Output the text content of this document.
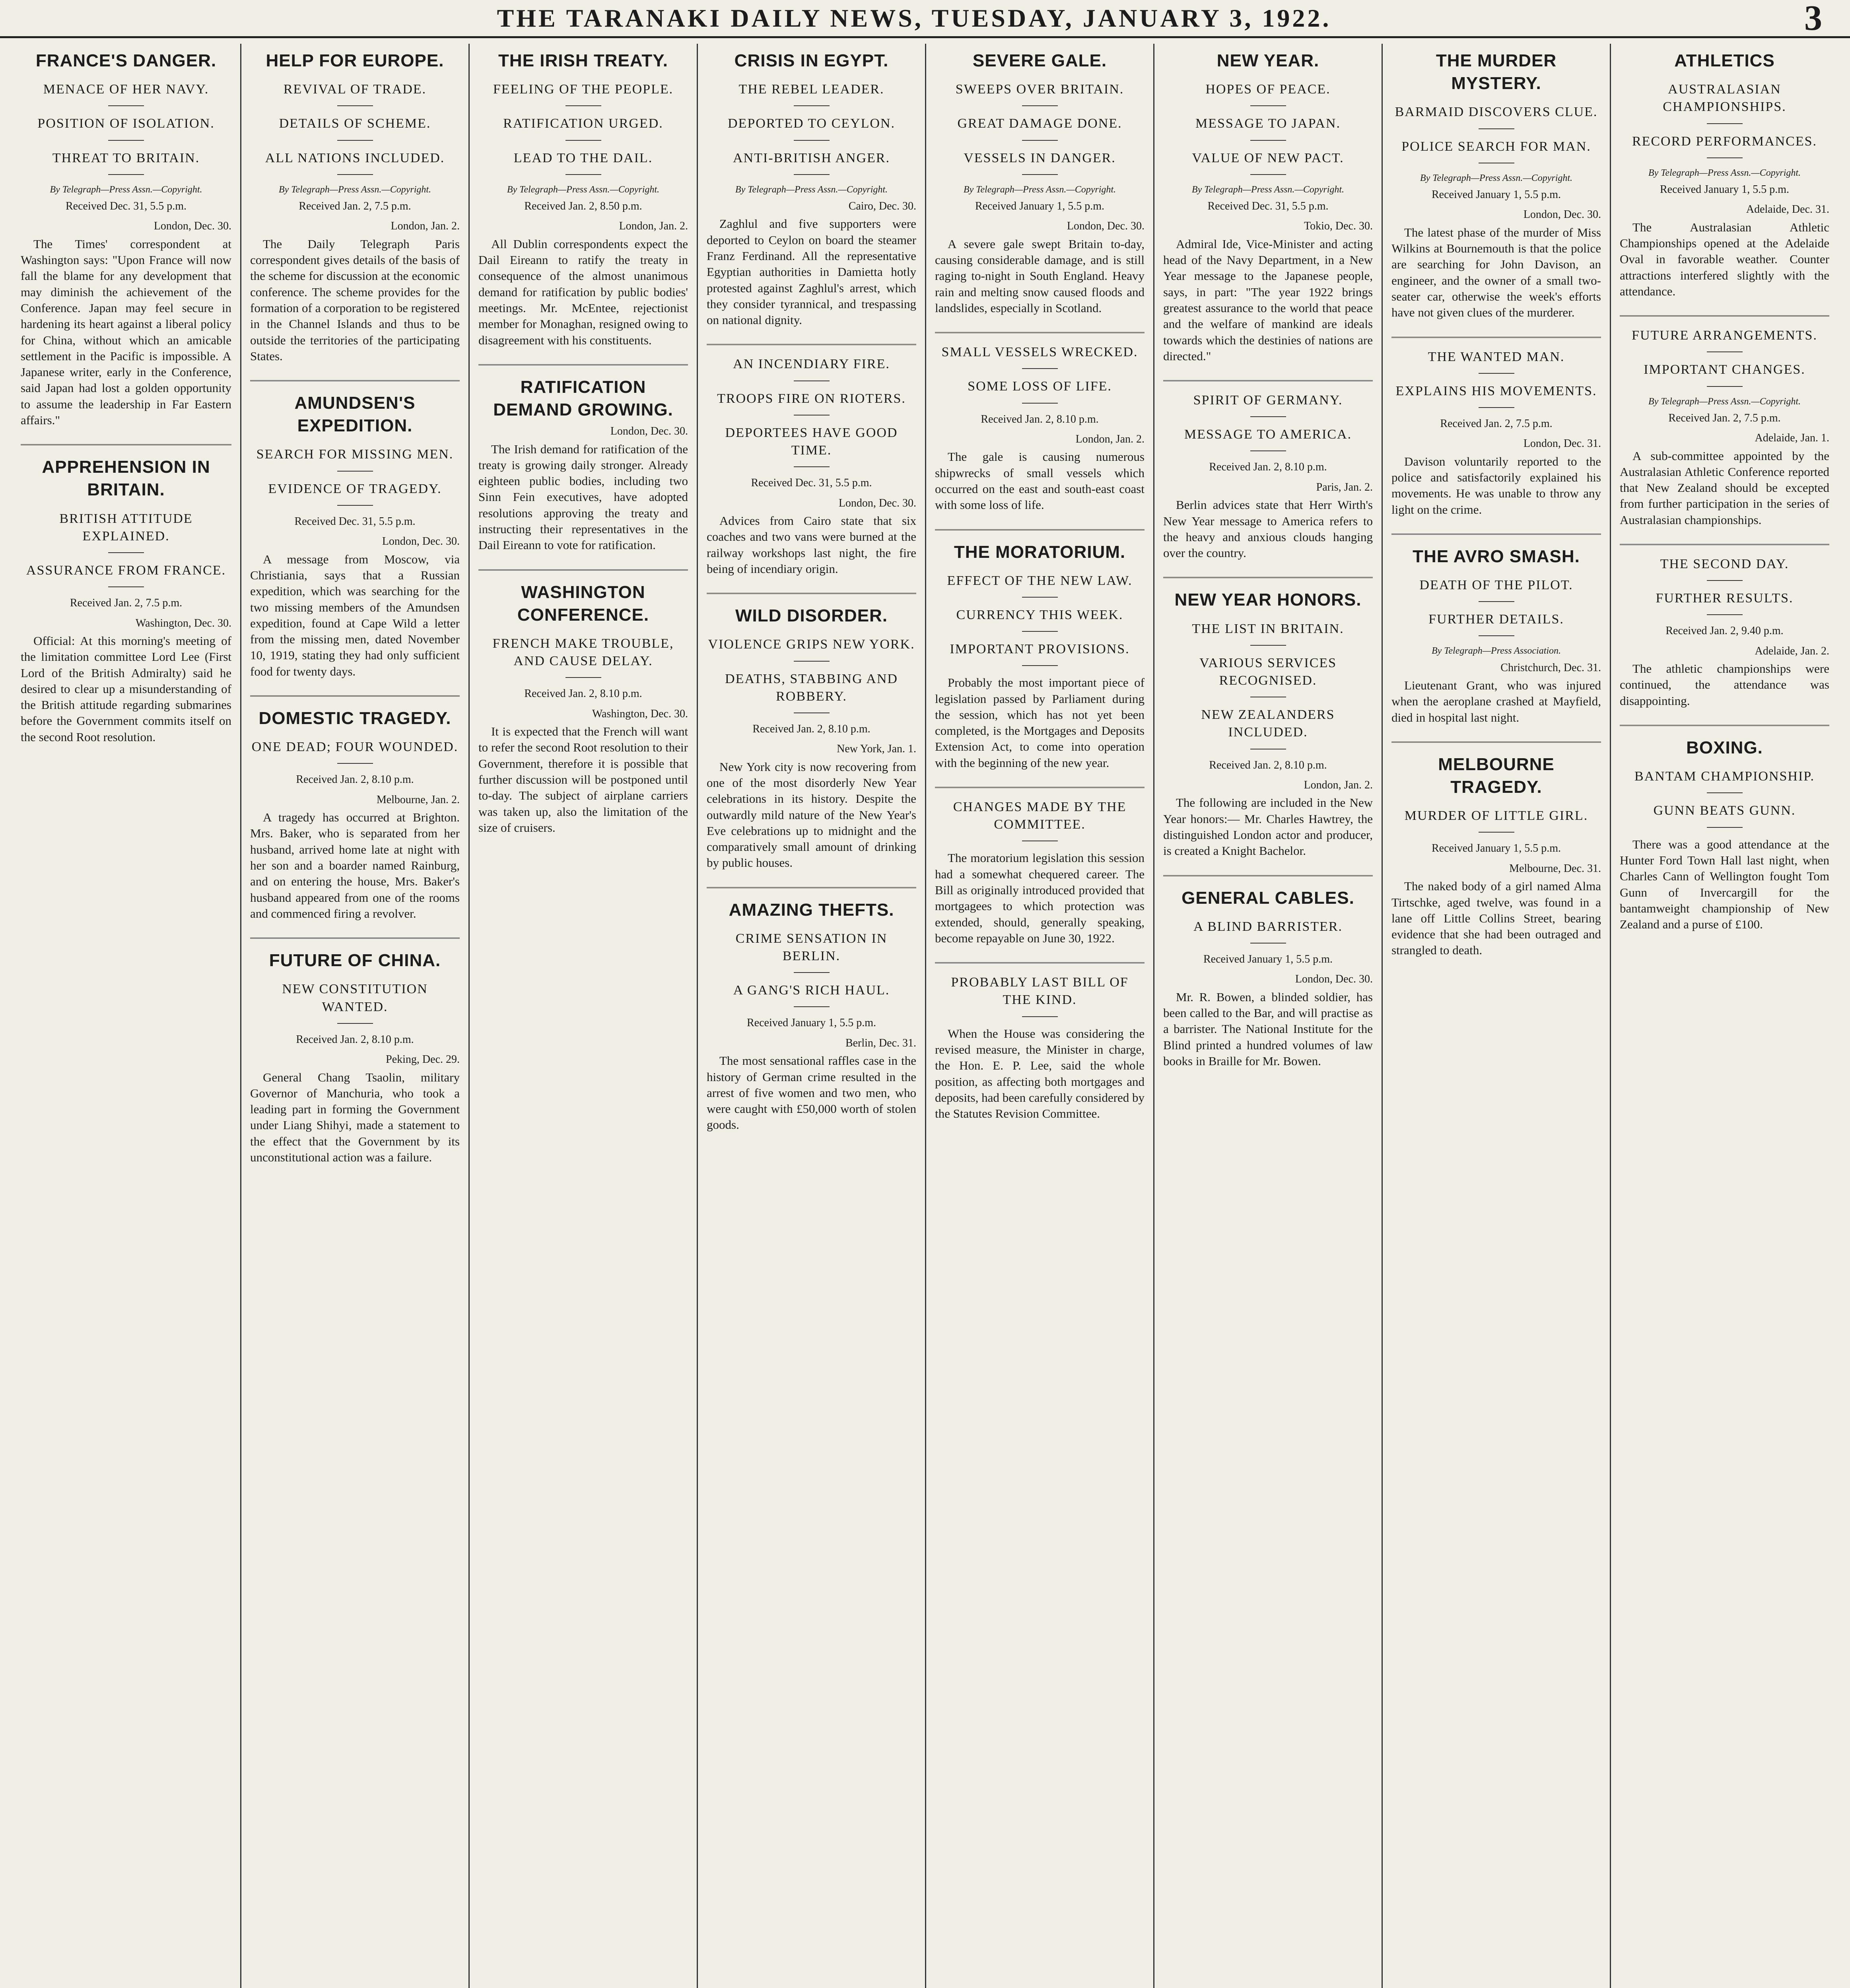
THE TARANAKI DAILY NEWS, TUESDAY, JANUARY 3, 1922.	3
FRANCE'S DANGER.
MENACE OF HER NAVY.
POSITION OF ISOLATION.
THREAT TO BRITAIN.
By Telegraph—Press Assn.—Copyright.
Received Dec. 31, 5.5 p.m.
London, Dec. 30.

The Times' correspondent at Washington says: "Upon France will now fall the blame for any development that may diminish the achievement of the Conference. Japan may feel secure in hardening its heart against a liberal policy for China, without which an amicable settlement in the Pacific is impossible. A Japanese writer, early in the Conference, said Japan had lost a golden opportunity to assume the leadership in Far Eastern affairs."

APPREHENSION IN BRITAIN.
BRITISH ATTITUDE EXPLAINED.
ASSURANCE FROM FRANCE.
Received Jan. 2, 7.5 p.m.
Washington, Dec. 30.

Official: At this morning's meeting of the limitation committee Lord Lee (First Lord of the British Admiralty) said he desired to clear up a misunderstanding of the British attitude regarding submarines before the Government commits itself on the second Root resolution.

HELP FOR EUROPE.
REVIVAL OF TRADE.
DETAILS OF SCHEME.
ALL NATIONS INCLUDED.
By Telegraph—Press Assn.—Copyright.
Received Jan. 2, 7.5 p.m.
London, Jan. 2.

The Daily Telegraph Paris correspondent gives details of the basis of the scheme for discussion at the economic conference. The scheme provides for the formation of a corporation to be registered in the Channel Islands and thus to be outside the territories of the participating States.

AMUNDSEN'S EXPEDITION.
SEARCH FOR MISSING MEN.
EVIDENCE OF TRAGEDY.
Received Dec. 31, 5.5 p.m.
London, Dec. 30.

A message from Moscow, via Christiania, says that a Russian expedition, which was searching for the two missing members of the Amundsen expedition, found at Cape Wild a letter from the missing men, dated November 10, 1919, stating they had only sufficient food for twenty days.

DOMESTIC TRAGEDY.
ONE DEAD; FOUR WOUNDED.
Received Jan. 2, 8.10 p.m.
Melbourne, Jan. 2.

A tragedy has occurred at Brighton. Mrs. Baker, who is separated from her husband, arrived home late at night with her son and a boarder named Rainburg, and on entering the house, Mrs. Baker's husband appeared from one of the rooms and commenced firing a revolver.

FUTURE OF CHINA.
NEW CONSTITUTION WANTED.
Received Jan. 2, 8.10 p.m.
Peking, Dec. 29.

General Chang Tsaolin, military Governor of Manchuria, who took a leading part in forming the Government under Liang Shihyi, made a statement to the effect that the Government by its unconstitutional action was a failure.

THE IRISH TREATY.
FEELING OF THE PEOPLE.
RATIFICATION URGED.
LEAD TO THE DAIL.
By Telegraph—Press Assn.—Copyright.
Received Jan. 2, 8.50 p.m.
London, Jan. 2.

All Dublin correspondents expect the Dail Eireann to ratify the treaty in consequence of the almost unanimous demand for ratification by public bodies' meetings. Mr. McEntee, rejectionist member for Monaghan, resigned owing to disagreement with his constituents.

RATIFICATION DEMAND GROWING.
London, Dec. 30.

The Irish demand for ratification of the treaty is growing daily stronger. Already eighteen public bodies, including two Sinn Fein executives, have adopted resolutions approving the treaty and instructing their representatives in the Dail Eireann to vote for ratification.

WASHINGTON CONFERENCE.
FRENCH MAKE TROUBLE, AND CAUSE DELAY.
Received Jan. 2, 8.10 p.m.
Washington, Dec. 30.

It is expected that the French will want to refer the second Root resolution to their Government, therefore it is possible that further discussion will be postponed until to-day. The subject of airplane carriers was taken up, also the limitation of the size of cruisers.

CRISIS IN EGYPT.
THE REBEL LEADER.
DEPORTED TO CEYLON.
ANTI-BRITISH ANGER.
By Telegraph—Press Assn.—Copyright.
Cairo, Dec. 30.

Zaghlul and five supporters were deported to Ceylon on board the steamer Franz Ferdinand. All the representative Egyptian authorities in Damietta hotly protested against Zaghlul's arrest, which they consider tyrannical, and trespassing on national dignity.

AN INCENDIARY FIRE.
TROOPS FIRE ON RIOTERS.
DEPORTEES HAVE GOOD TIME.
Received Dec. 31, 5.5 p.m.
London, Dec. 30.

Advices from Cairo state that six coaches and two vans were burned at the railway workshops last night, the fire being of incendiary origin.

WILD DISORDER.
VIOLENCE GRIPS NEW YORK.
DEATHS, STABBING AND ROBBERY.
Received Jan. 2, 8.10 p.m.
New York, Jan. 1.

New York city is now recovering from one of the most disorderly New Year celebrations in its history. Despite the outwardly mild nature of the New Year's Eve celebrations up to midnight and the comparatively small amount of drinking by public houses.

AMAZING THEFTS.
CRIME SENSATION IN BERLIN.
A GANG'S RICH HAUL.
Received January 1, 5.5 p.m.
Berlin, Dec. 31.

The most sensational raffles case in the history of German crime resulted in the arrest of five women and two men, who were caught with £50,000 worth of stolen goods.

SEVERE GALE.
SWEEPS OVER BRITAIN.
GREAT DAMAGE DONE.
VESSELS IN DANGER.
By Telegraph—Press Assn.—Copyright.
Received January 1, 5.5 p.m.
London, Dec. 30.

A severe gale swept Britain to-day, causing considerable damage, and is still raging to-night in South England. Heavy rain and melting snow caused floods and landslides, especially in Scotland.

SMALL VESSELS WRECKED.
SOME LOSS OF LIFE.
Received Jan. 2, 8.10 p.m.
London, Jan. 2.

The gale is causing numerous shipwrecks of small vessels which occurred on the east and south-east coast with some loss of life.

THE MORATORIUM.
EFFECT OF THE NEW LAW.
CURRENCY THIS WEEK.
IMPORTANT PROVISIONS.

Probably the most important piece of legislation passed by Parliament during the session, which has not yet been completed, is the Mortgages and Deposits Extension Act, to come into operation with the beginning of the new year.

CHANGES MADE BY THE COMMITTEE.

The moratorium legislation this session had a somewhat chequered career. The Bill as originally introduced provided that mortgagees to which protection was extended, should, generally speaking, become repayable on June 30, 1922.

PROBABLY LAST BILL OF THE KIND.

When the House was considering the revised measure, the Minister in charge, the Hon. E. P. Lee, said the whole position, as affecting both mortgages and deposits, had been carefully considered by the Statutes Revision Committee.

NEW YEAR.
HOPES OF PEACE.
MESSAGE TO JAPAN.
VALUE OF NEW PACT.
By Telegraph—Press Assn.—Copyright.
Received Dec. 31, 5.5 p.m.
Tokio, Dec. 30.

Admiral Ide, Vice-Minister and acting head of the Navy Department, in a New Year message to the Japanese people, says, in part: "The year 1922 brings greatest assurance to the world that peace and the welfare of mankind are ideals towards which the destinies of nations are directed."

SPIRIT OF GERMANY.
MESSAGE TO AMERICA.
Received Jan. 2, 8.10 p.m.
Paris, Jan. 2.

Berlin advices state that Herr Wirth's New Year message to America refers to the heavy and anxious clouds hanging over the country.

NEW YEAR HONORS.
THE LIST IN BRITAIN.
VARIOUS SERVICES RECOGNISED.
NEW ZEALANDERS INCLUDED.
Received Jan. 2, 8.10 p.m.
London, Jan. 2.

The following are included in the New Year honors:— Mr. Charles Hawtrey, the distinguished London actor and producer, is created a Knight Bachelor.

GENERAL CABLES.
A BLIND BARRISTER.
Received January 1, 5.5 p.m.
London, Dec. 30.

Mr. R. Bowen, a blinded soldier, has been called to the Bar, and will practise as a barrister. The National Institute for the Blind printed a hundred volumes of law books in Braille for Mr. Bowen.

THE MURDER MYSTERY.
BARMAID DISCOVERS CLUE.
POLICE SEARCH FOR MAN.
By Telegraph—Press Assn.—Copyright.
Received January 1, 5.5 p.m.
London, Dec. 30.

The latest phase of the murder of Miss Wilkins at Bournemouth is that the police are searching for John Davison, an engineer, and the owner of a small two-seater car, otherwise the week's efforts have not given clues of the murderer.

THE WANTED MAN.
EXPLAINS HIS MOVEMENTS.
Received Jan. 2, 7.5 p.m.
London, Dec. 31.

Davison voluntarily reported to the police and satisfactorily explained his movements. He was unable to throw any light on the crime.

THE AVRO SMASH.
DEATH OF THE PILOT.
FURTHER DETAILS.
By Telegraph—Press Association.
Christchurch, Dec. 31.

Lieutenant Grant, who was injured when the aeroplane crashed at Mayfield, died in hospital last night.

MELBOURNE TRAGEDY.
MURDER OF LITTLE GIRL.
Received January 1, 5.5 p.m.
Melbourne, Dec. 31.

The naked body of a girl named Alma Tirtschke, aged twelve, was found in a lane off Little Collins Street, bearing evidence that she had been outraged and strangled to death.

ATHLETICS
AUSTRALASIAN CHAMPIONSHIPS.
RECORD PERFORMANCES.
By Telegraph—Press Assn.—Copyright.
Received January 1, 5.5 p.m.
Adelaide, Dec. 31.

The Australasian Athletic Championships opened at the Adelaide Oval in favorable weather. Counter attractions interfered slightly with the attendance.

FUTURE ARRANGEMENTS.
IMPORTANT CHANGES.
By Telegraph—Press Assn.—Copyright.
Received Jan. 2, 7.5 p.m.
Adelaide, Jan. 1.

A sub-committee appointed by the Australasian Athletic Conference reported that New Zealand should be excepted from further participation in the series of Australasian championships.

THE SECOND DAY.
FURTHER RESULTS.
Received Jan. 2, 9.40 p.m.
Adelaide, Jan. 2.

The athletic championships were continued, the attendance was disappointing.

BOXING.
BANTAM CHAMPIONSHIP.
GUNN BEATS GUNN.

There was a good attendance at the Hunter Ford Town Hall last night, when Charles Cann of Wellington fought Tom Gunn of Invercargill for the bantamweight championship of New Zealand and a purse of £100.
